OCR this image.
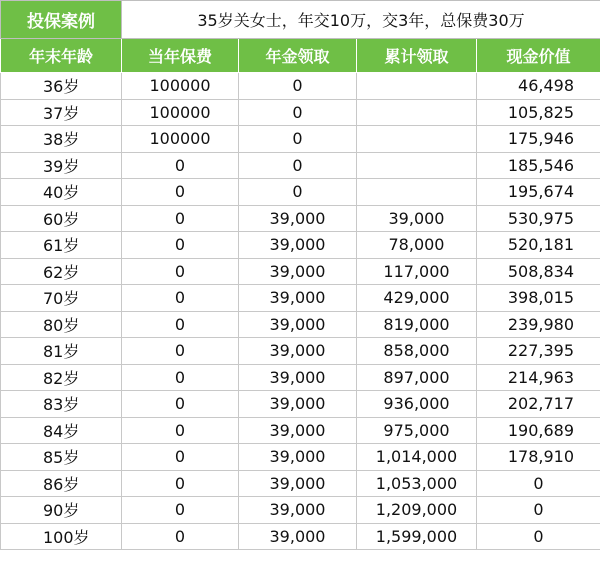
投保案例	35岁关女士，年交10万，交3年，总保费30万			
年末年龄	当年保费	年金领取	累计领取	现金价值
36岁	100000	0		46,498
37岁	100000	0		105,825
38岁	100000	0		175,946
39岁	0	0		185,546
40岁	0	0		195,674
60岁	0	39,000	39,000	530,975
61岁	0	39,000	78,000	520,181
62岁	0	39,000	117,000	508,834
70岁	0	39,000	429,000	398,015
80岁	0	39,000	819,000	239,980
81岁	0	39,000	858,000	227,395
82岁	0	39,000	897,000	214,963
83岁	0	39,000	936,000	202,717
84岁	0	39,000	975,000	190,689
85岁	0	39,000	1,014,000	178,910
86岁	0	39,000	1,053,000	0
90岁	0	39,000	1,209,000	0
100岁	0	39,000	1,599,000	0
